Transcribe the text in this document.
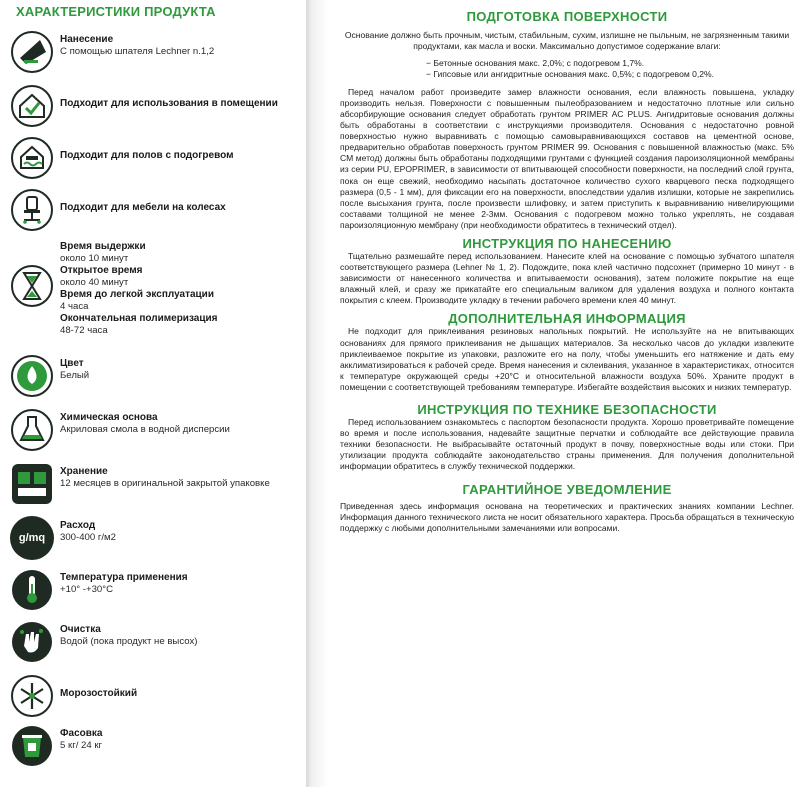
ХАРАКТЕРИСТИКИ ПРОДУКТА
Нанесение
С помощью шпателя Lechner n.1,2
Подходит для использования в помещении
Подходит для полов с подогревом
Подходит для мебели на колесах
Время выдержки
около 10 минут
Открытое время
около 40 минут
Время до легкой эксплуатации
4 часа
Окончательная полимеризация
48-72 часа
Цвет
Белый
Химическая основа
Акриловая смола в водной дисперсии
Хранение
12 месяцев в оригинальной закрытой упаковке
g/mq
Расход
300-400 г/м2
Температура применения
+10° -+30°С
Очистка
Водой (пока продукт не высох)
Морозостойкий
Фасовка
5 кг/ 24 кг
ПОДГОТОВКА ПОВЕРХНОСТИ

Основание должно быть прочным, чистым, стабильным, сухим, излишне не пыльным, не загрязненным такими продуктами, как масла и воски. Максимально допустимое содержание влаги:

− Бетонные основания макс. 2,0%; с подогревом 1,7%.
− Гипсовые или ангидритные основания макс. 0,5%; с подогревом 0,2%.

Перед началом работ произведите замер влажности основания, если влажность повышена, укладку производить нельзя. Поверхности с повышенным пылеобразованием и недостаточно плотные или сильно абсорбирующие основания следует обработать грунтом PRIMER AC PLUS. Ангидритовые основания должны быть обработаны в соответствии с инструкциями производителя. Основания с недостаточно ровной поверхностью нужно выравнивать с помощью самовыравнивающихся составов на цементной основе, предварительно обработав поверхность грунтом PRIMER 99. Основания с повышенной влажностью (макс. 5% СМ метод) должны быть обработаны подходящими грунтами с функцией создания пароизоляционной мембраны из серии PU, EPOPRIMER, в зависимости от впитывающей способности поверхности, на последний слой грунта, пока он еще свежий, необходимо насыпать достаточное количество сухого кварцевого песка подходящего размера (0,5 - 1 мм), для фиксации его на поверхности, впоследствии удалив излишки, которые не закрепились после высыхания грунта, после произвести шлифовку, и затем приступить к выравниванию нивелирующими составами толщиной не менее 2-3мм. Основания с подогревом можно только укреплять, не создавая пароизоляционную мембрану (при необходимости обратитесь в технический отдел).

ИНСТРУКЦИЯ ПО НАНЕСЕНИЮ

Тщательно размешайте перед использованием. Нанесите клей на основание с помощью зубчатого шпателя соответствующего размера (Lehner № 1, 2). Подождите, пока клей частично подсохнет (примерно 10 минут - в зависимости от нанесенного количества и впитываемости основания), затем положите покрытие на еще влажный клей, и сразу же прикатайте его специальным валиком для удаления воздуха и полного контакта покрытия с клеем. Производите укладку в течении рабочего времени клея 40 минут.

ДОПОЛНИТЕЛЬНАЯ ИНФОРМАЦИЯ

Не подходит для приклеивания резиновых напольных покрытий. Не используйте на не впитывающих основаниях для прямого приклеивания не дышащих материалов. За несколько часов до укладки извлеките приклеиваемое покрытие из упаковки, разложите его на полу, чтобы уменьшить его натяжение и дать ему акклиматизироваться к рабочей среде. Время нанесения и склеивания, указанное в характеристиках, относится к температуре окружающей среды +20°С и относительной влажности воздуха 50%. Храните продукт в помещении с соответствующей требованиям температуре. Избегайте воздействия высоких и низких температур.

ИНСТРУКЦИЯ ПО ТЕХНИКЕ БЕЗОПАСНОСТИ

Перед использованием ознакомьтесь с паспортом безопасности продукта. Хорошо проветривайте помещение во время и после использования, надевайте защитные перчатки и соблюдайте все действующие правила техники безопасности. Не выбрасывайте остаточный продукт в почву, поверхностные воды или стоки. При утилизации продукта соблюдайте законодательство страны применения. Для получения дополнительной информации обратитесь в службу технической поддержки.

ГАРАНТИЙНОЕ УВЕДОМЛЕНИЕ

Приведенная здесь информация основана на теоретических и практических знаниях компании Lechner. Информация данного технического листа не носит обязательного характера. Просьба обращаться в техническую поддержку с любыми дополнительными замечаниями или вопросами.
